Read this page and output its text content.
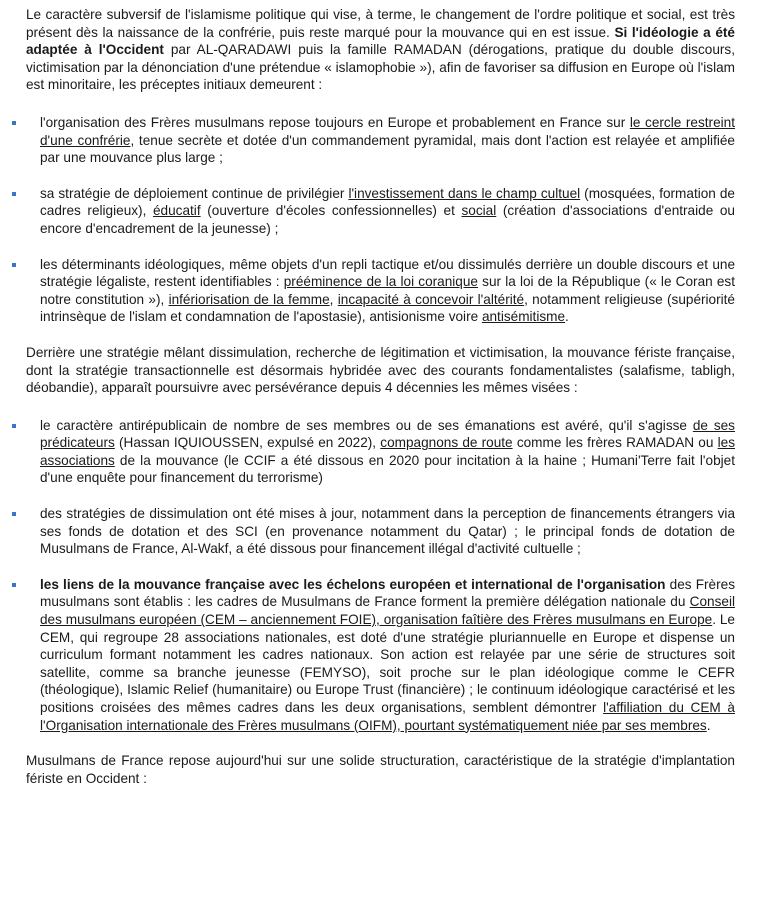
Le caractère subversif de l'islamisme politique qui vise, à terme, le changement de l'ordre politique et social, est très présent dès la naissance de la confrérie, puis reste marqué pour la mouvance qui en est issue. Si l'idéologie a été adaptée à l'Occident par AL-QARADAWI puis la famille RAMADAN (dérogations, pratique du double discours, victimisation par la dénonciation d'une prétendue « islamophobie »), afin de favoriser sa diffusion en Europe où l'islam est minoritaire, les préceptes initiaux demeurent :

l'organisation des Frères musulmans repose toujours en Europe et probablement en France sur le cercle restreint d'une confrérie, tenue secrète et dotée d'un commandement pyramidal, mais dont l'action est relayée et amplifiée par une mouvance plus large ;
sa stratégie de déploiement continue de privilégier l'investissement dans le champ cultuel (mosquées, formation de cadres religieux), éducatif (ouverture d'écoles confessionnelles) et social (création d'associations d'entraide ou encore d'encadrement de la jeunesse) ;
les déterminants idéologiques, même objets d'un repli tactique et/ou dissimulés derrière un double discours et une stratégie légaliste, restent identifiables : prééminence de la loi coranique sur la loi de la République (« le Coran est notre constitution »), infériorisation de la femme, incapacité à concevoir l'altérité, notamment religieuse (supériorité intrinsèque de l'islam et condamnation de l'apostasie), antisionisme voire antisémitisme.

Derrière une stratégie mêlant dissimulation, recherche de légitimation et victimisation, la mouvance fériste française, dont la stratégie transactionnelle est désormais hybridée avec des courants fondamentalistes (salafisme, tabligh, déobandie), apparaît poursuivre avec persévérance depuis 4 décennies les mêmes visées :

le caractère antirépublicain de nombre de ses membres ou de ses émanations est avéré, qu'il s'agisse de ses prédicateurs (Hassan IQUIOUSSEN, expulsé en 2022), compagnons de route comme les frères RAMADAN ou les associations de la mouvance (le CCIF a été dissous en 2020 pour incitation à la haine ; Humani'Terre fait l'objet d'une enquête pour financement du terrorisme)
des stratégies de dissimulation ont été mises à jour, notamment dans la perception de financements étrangers via ses fonds de dotation et des SCI (en provenance notamment du Qatar) ; le principal fonds de dotation de Musulmans de France, Al-Wakf, a été dissous pour financement illégal d'activité cultuelle ;
les liens de la mouvance française avec les échelons européen et international de l'organisation des Frères musulmans sont établis : les cadres de Musulmans de France forment la première délégation nationale du Conseil des musulmans européen (CEM – anciennement FOIE), organisation faîtière des Frères musulmans en Europe. Le CEM, qui regroupe 28 associations nationales, est doté d'une stratégie pluriannuelle en Europe et dispense un curriculum formant notamment les cadres nationaux. Son action est relayée par une série de structures soit satellite, comme sa branche jeunesse (FEMYSO), soit proche sur le plan idéologique comme le CEFR (théologique), Islamic Relief (humanitaire) ou Europe Trust (financière) ; le continuum idéologique caractérisé et les positions croisées des mêmes cadres dans les deux organisations, semblent démontrer l'affiliation du CEM à l'Organisation internationale des Frères musulmans (OIFM), pourtant systématiquement niée par ses membres.

Musulmans de France repose aujourd'hui sur une solide structuration, caractéristique de la stratégie d'implantation fériste en Occident :
